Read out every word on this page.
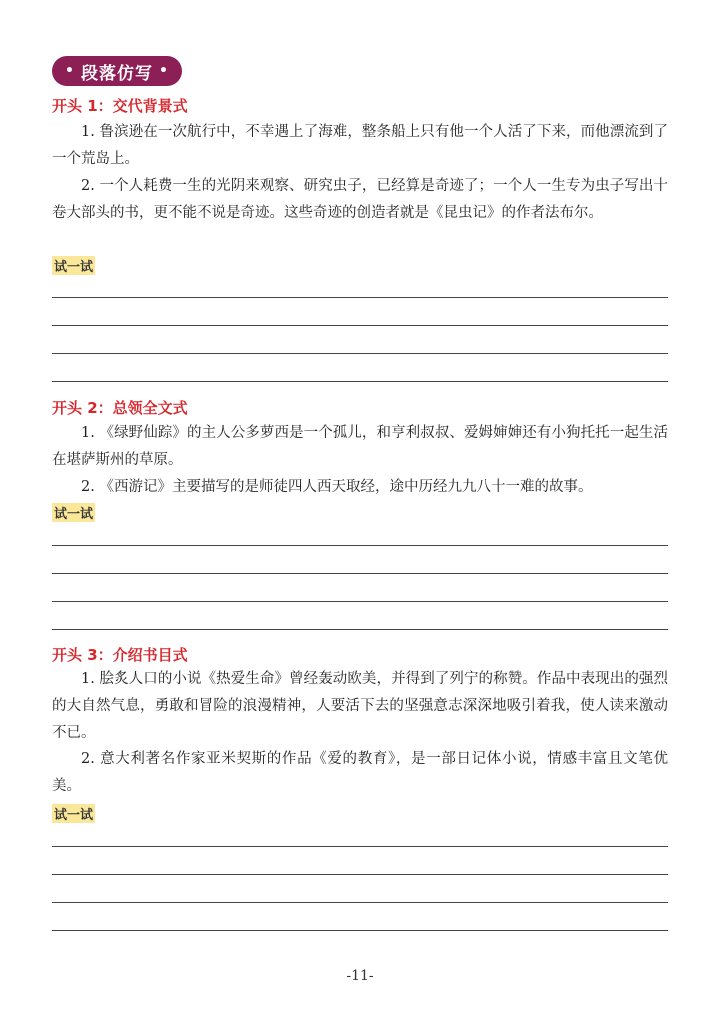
• 段落仿写 •
开头 1：交代背景式

1. 鲁滨逊在一次航行中，不幸遇上了海难，整条船上只有他一个人活了下来，而他漂流到了一个荒岛上。

2. 一个人耗费一生的光阴来观察、研究虫子，已经算是奇迹了；一个人一生专为虫子写出十卷大部头的书，更不能不说是奇迹。这些奇迹的创造者就是《昆虫记》的作者法布尔。

试一试
开头 2：总领全文式

1. 《绿野仙踪》的主人公多萝西是一个孤儿，和亨利叔叔、爱姆婶婶还有小狗托托一起生活在堪萨斯州的草原。

2. 《西游记》主要描写的是师徒四人西天取经，途中历经九九八十一难的故事。

试一试
开头 3：介绍书目式

1. 脍炙人口的小说《热爱生命》曾经轰动欧美，并得到了列宁的称赞。作品中表现出的强烈的大自然气息，勇敢和冒险的浪漫精神，人要活下去的坚强意志深深地吸引着我，使人读来激动不已。

2. 意大利著名作家亚米契斯的作品《爱的教育》，是一部日记体小说，情感丰富且文笔优美。

试一试
-11-
